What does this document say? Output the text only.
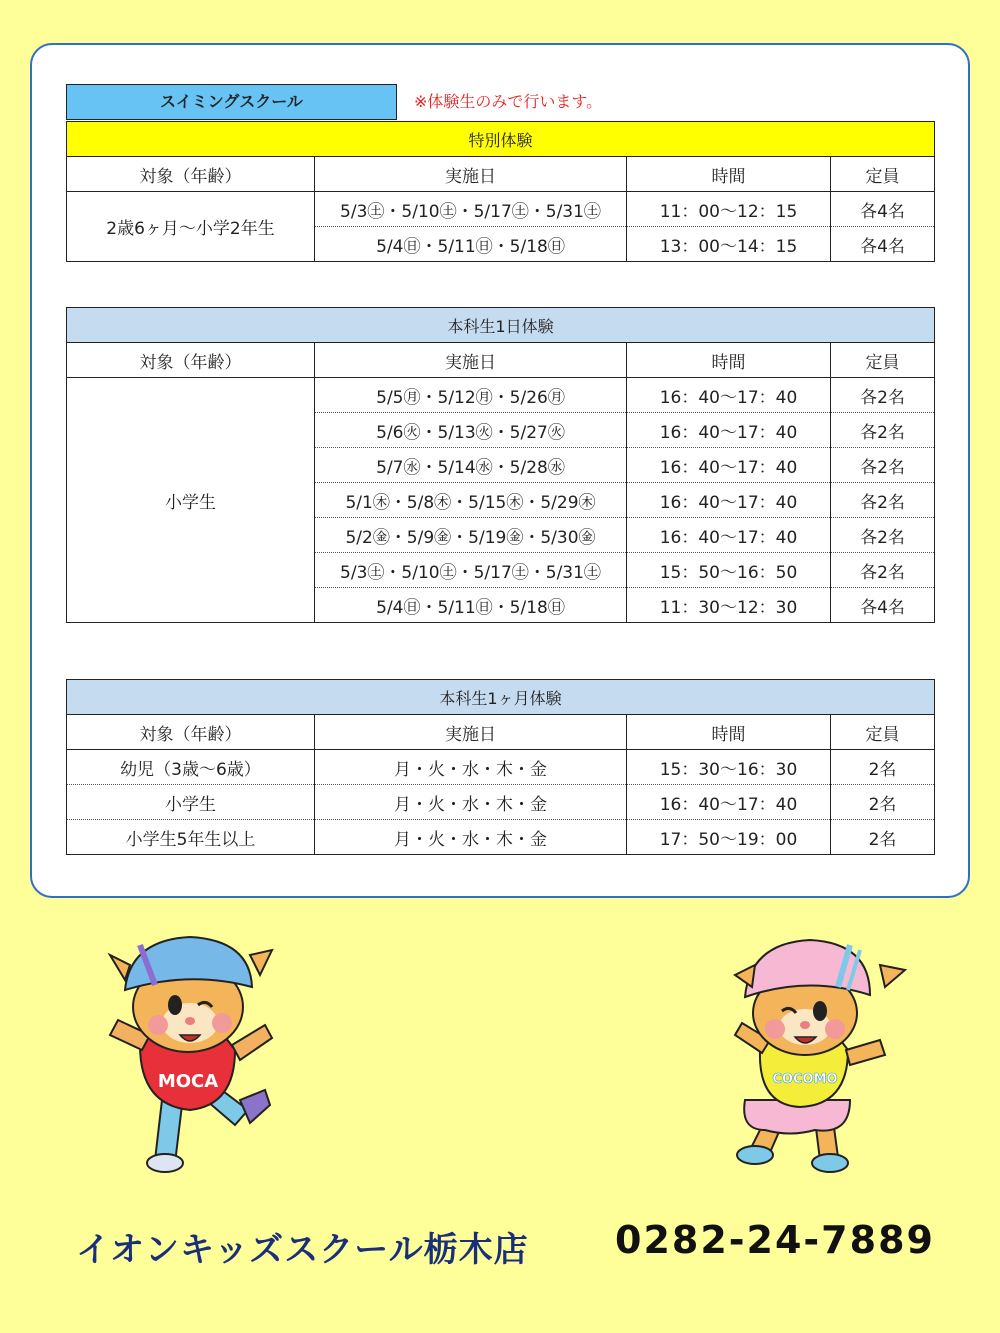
スイミングスクール	※体験生のみで行います。
特別体験			
対象（年齢）	実施日	時間	定員
2歳6ヶ月～小学2年生	5/3㊏・5/10㊏・5/17㊏・5/31㊏	11：00～12：15	各4名
	5/4㊐・5/11㊐・5/18㊐	13：00～14：15	各4名
本科生1日体験			
対象（年齢）	実施日	時間	定員
小学生	5/5㊊・5/12㊊・5/26㊊	16：40～17：40	各2名
	5/6㊋・5/13㊋・5/27㊋	16：40～17：40	各2名
	5/7㊌・5/14㊌・5/28㊌	16：40～17：40	各2名
	5/1㊍・5/8㊍・5/15㊍・5/29㊍	16：40～17：40	各2名
	5/2㊎・5/9㊎・5/19㊎・5/30㊎	16：40～17：40	各2名
	5/3㊏・5/10㊏・5/17㊏・5/31㊏	15：50～16：50	各2名
	5/4㊐・5/11㊐・5/18㊐	11：30～12：30	各4名
本科生1ヶ月体験			
対象（年齢）	実施日	時間	定員
幼児（3歳～6歳）	月・火・水・木・金	15：30～16：30	2名
小学生	月・火・水・木・金	16：40～17：40	2名
小学生5年生以上	月・火・水・木・金	17：50～19：00	2名
MOCA	COCOMO
イオンキッズスクール栃木店 0282-24-7889
